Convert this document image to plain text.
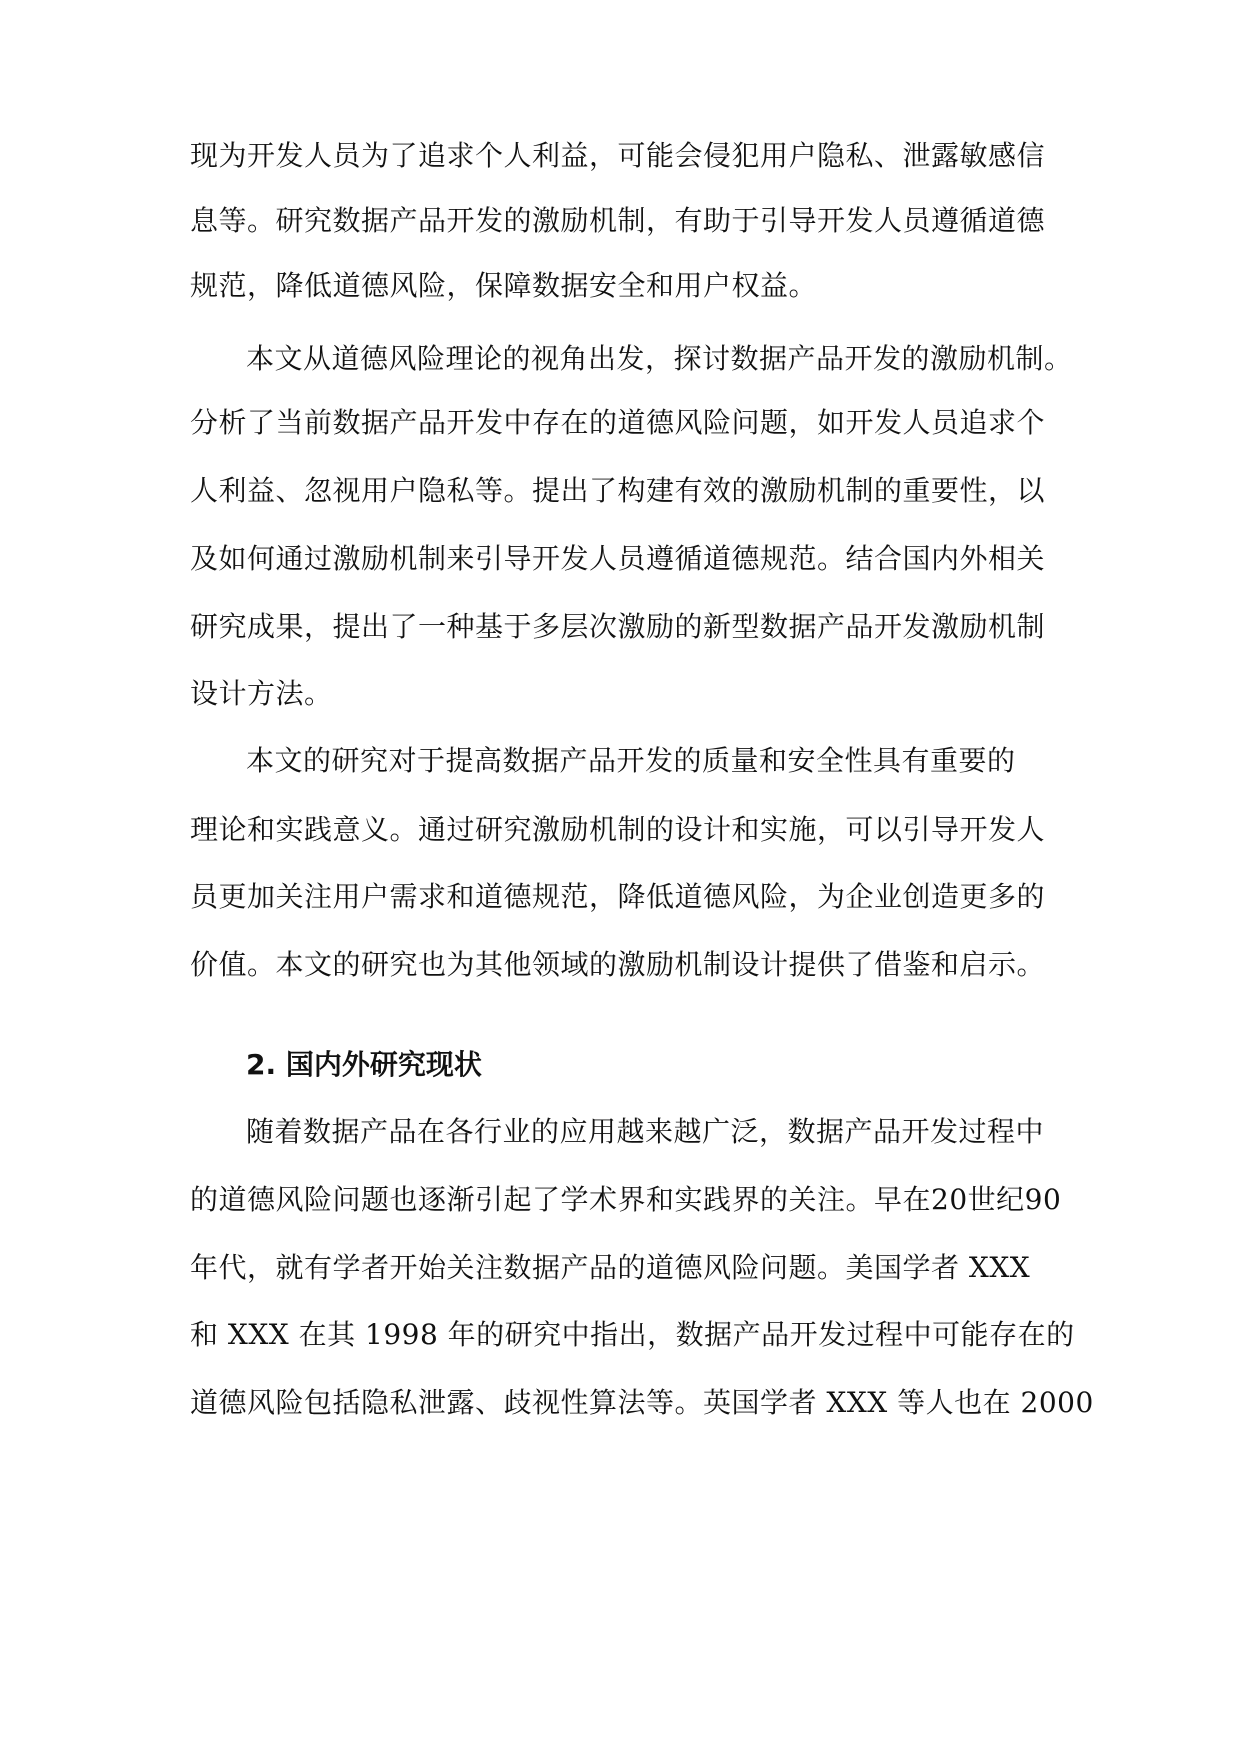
现为开发人员为了追求个人利益，可能会侵犯用户隐私、泄露敏感信
息等。研究数据产品开发的激励机制，有助于引导开发人员遵循道德
规范，降低道德风险，保障数据安全和用户权益。
本文从道德风险理论的视角出发，探讨数据产品开发的激励机制。
分析了当前数据产品开发中存在的道德风险问题，如开发人员追求个
人利益、忽视用户隐私等。提出了构建有效的激励机制的重要性，以
及如何通过激励机制来引导开发人员遵循道德规范。结合国内外相关
研究成果，提出了一种基于多层次激励的新型数据产品开发激励机制
设计方法。
本文的研究对于提高数据产品开发的质量和安全性具有重要的
理论和实践意义。通过研究激励机制的设计和实施，可以引导开发人
员更加关注用户需求和道德规范，降低道德风险，为企业创造更多的
价值。本文的研究也为其他领域的激励机制设计提供了借鉴和启示。
2. 国内外研究现状
随着数据产品在各行业的应用越来越广泛，数据产品开发过程中
的道德风险问题也逐渐引起了学术界和实践界的关注。早在20世纪90
年代，就有学者开始关注数据产品的道德风险问题。美国学者 XXX
和 XXX 在其 1998 年的研究中指出，数据产品开发过程中可能存在的
道德风险包括隐私泄露、歧视性算法等。英国学者 XXX 等人也在 2000
